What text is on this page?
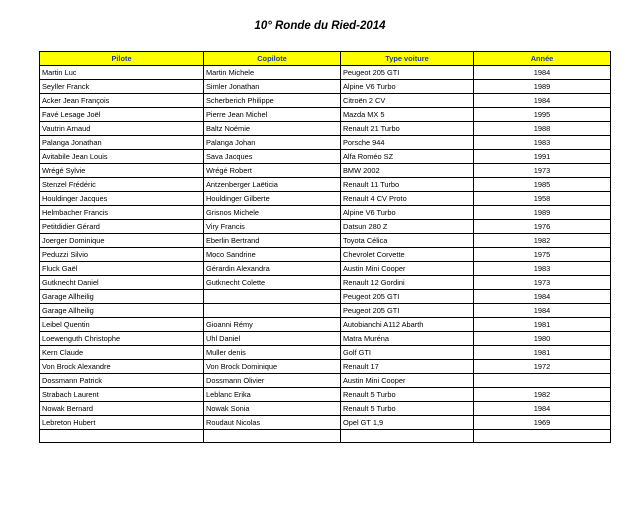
10° Ronde du Ried-2014
Pilote	Copilote	Type voiture	Année
Martin Luc	Martin Michele	Peugeot 205 GTI	1984
Seyller Franck	Simler Jonathan	Alpine V6 Turbo	1989
Acker Jean François	Scherberich Philippe	Citroën 2 CV	1984
Favé Lesage Joël	Pierre Jean Michel	Mazda MX 5	1995
Vautrin Arnaud	Baltz Noémie	Renault 21 Turbo	1988
Palanga Jonathan	Palanga Johan	Porsche 944	1983
Avitabile Jean Louis	Sava Jacques	Alfa Roméo SZ	1991
Wrégé Sylvie	Wrégé Robert	BMW 2002	1973
Stenzel Frédéric	Antzenberger Laëticia	Renault 11 Turbo	1985
Houldinger Jacques	Houldinger Gilberte	Renault 4 CV Proto	1958
Helmbacher Francis	Grisnos Michele	Alpine V6 Turbo	1989
Petitdidier Gérard	Viry Francis	Datsun 280 Z	1976
Joerger Dominique	Eberlin Bertrand	Toyota Célica	1982
Peduzzi Silvio	Moco Sandrine	Chevrolet Corvette	1975
Fluck Gaël	Gérardin Alexandra	Austin Mini Cooper	1983
Gutknecht Daniel	Gutknecht Colette	Renault 12 Gordini	1973
Garage Allheilig		Peugeot 205 GTI	1984
Garage Allheilig		Peugeot 205 GTI	1984
Leibel Quentin	Gioanni Rémy	Autobianchi A112 Abarth	1981
Loewenguth Christophe	Uhl Daniel	Matra Muréna	1980
Kern Claude	Muller denis	Golf GTI	1981
Von Brock Alexandre	Von Brock Dominique	Renault 17	1972
Dossmann Patrick	Dossmann Olivier	Austin Mini Cooper	
Strabach Laurent	Leblanc Erika	Renault 5 Turbo	1982
Nowak Bernard	Nowak Sonia	Renault 5 Turbo	1984
Lebreton Hubert	Roudaut Nicolas	Opel GT 1,9	1969
